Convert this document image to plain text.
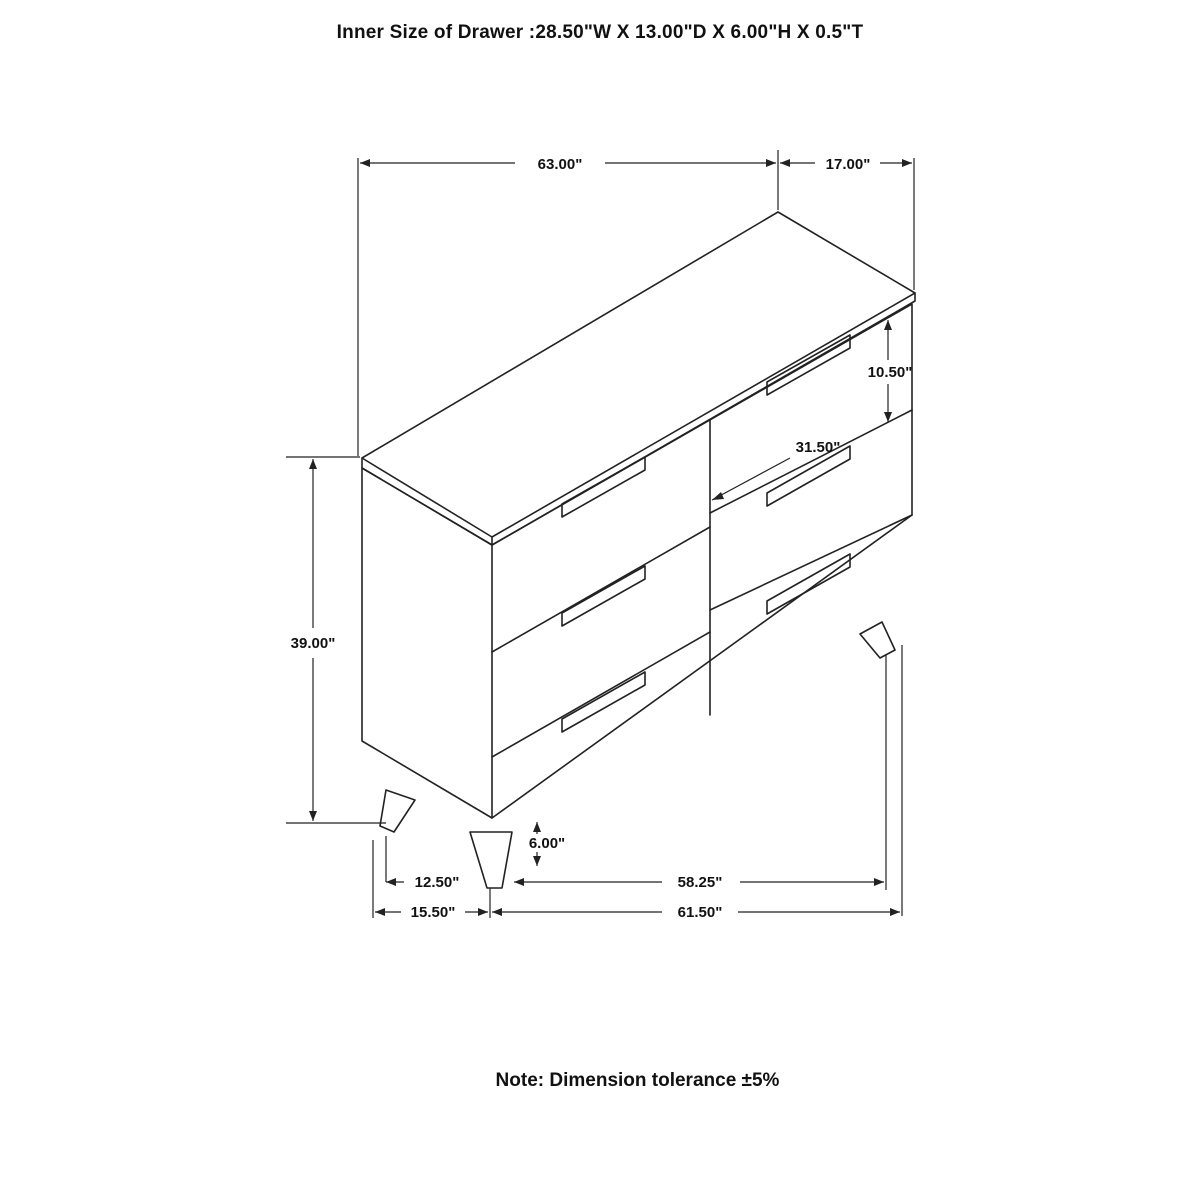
Inner Size of Drawer :28.50"W X 13.00"D X 6.00"H X 0.5"T
63.00"	17.00"
10.50"
31.50"
39.00"
6.00"
12.50"	58.25"
15.50"	61.50"
Note: Dimension tolerance ±5%
